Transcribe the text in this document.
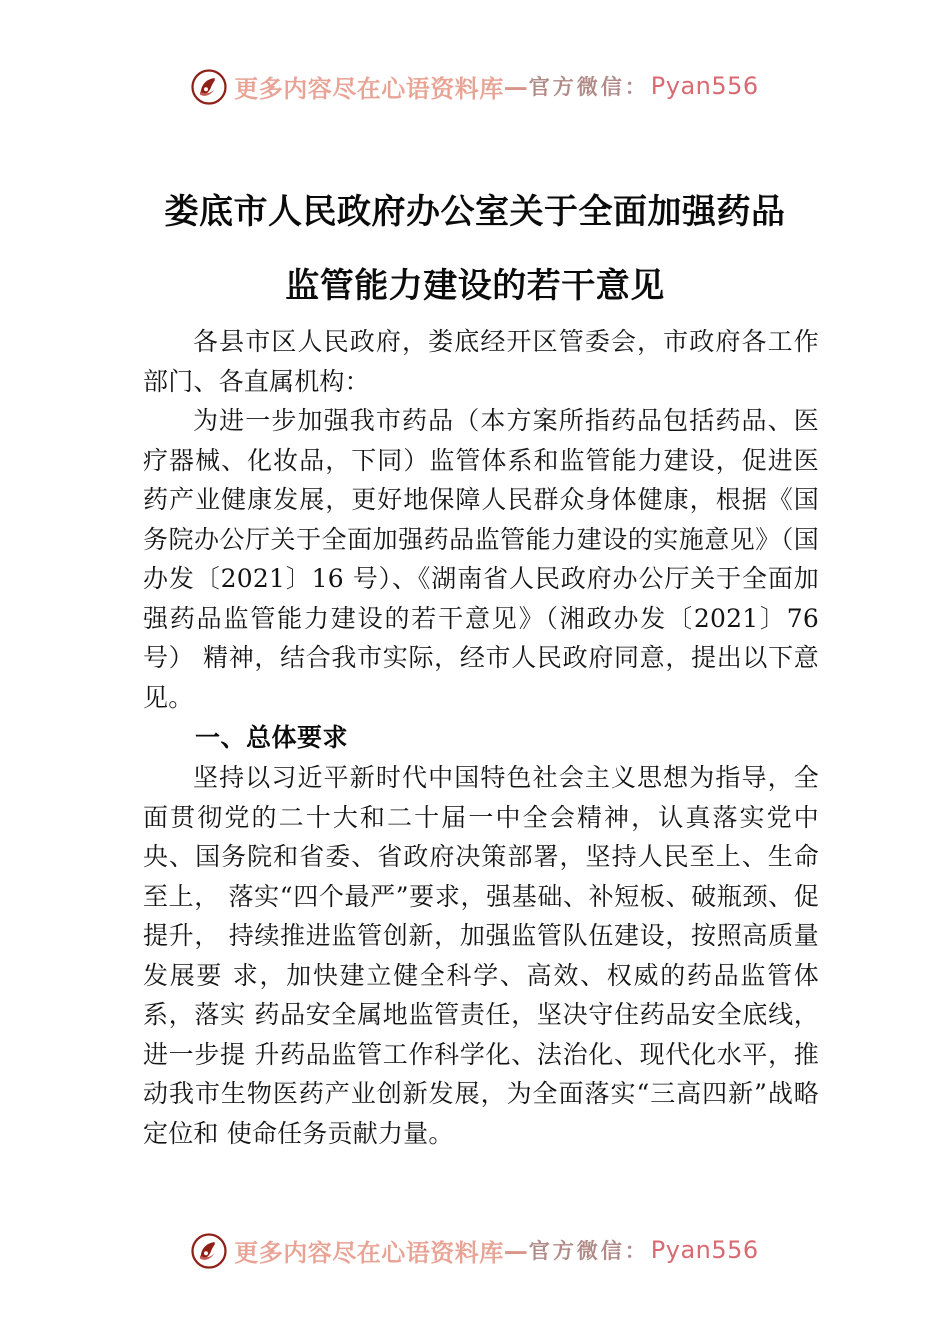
更多内容尽在心语资料库 — 官方微信： Pyan556
娄底市人民政府办公室关于全面加强药品
监管能力建设的若干意见

各县市区人民政府，娄底经开区管委会，市政府各工作部门、各直属机构：

为进一步加强我市药品（本方案所指药品包括药品、医疗器械、化妆品，下同）监管体系和监管能力建设，促进医药产业健康发展，更好地保障人民群众身体健康，根据《国务院办公厅关于全面加强药品监管能力建设的实施意见》（国办发〔2021〕16 号）、《湖南省人民政府办公厅关于全面加强药品监管能力建设的若干意见》（湘政办发〔2021〕76 号） 精神，结合我市实际，经市人民政府同意，提出以下意见。

一、总体要求

坚持以习近平新时代中国特色社会主义思想为指导，全面贯彻党的二十大和二十届一中全会精神，认真落实党中央、国务院和省委、省政府决策部署，坚持人民至上、生命至上， 落实“四个最严”要求，强基础、补短板、破瓶颈、促提升， 持续推进监管创新，加强监管队伍建设，按照高质量发展要 求，加快建立健全科学、高效、权威的药品监管体系，落实 药品安全属地监管责任，坚决守住药品安全底线，进一步提 升药品监管工作科学化、法治化、现代化水平，推动我市生物医药产业创新发展，为全面落实“三高四新”战略定位和 使命任务贡献力量。

更多内容尽在心语资料库 — 官方微信： Pyan556
